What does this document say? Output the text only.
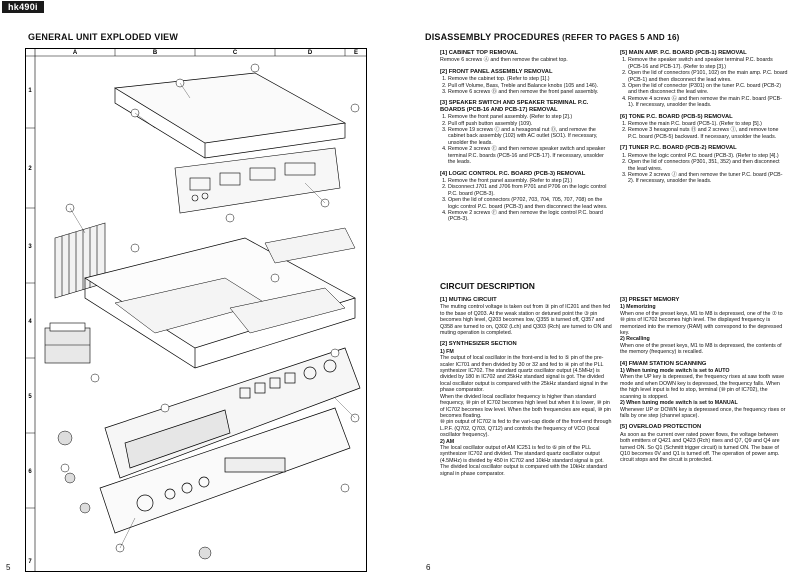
hk490i
GENERAL UNIT EXPLODED VIEW
A	B	C	D	E
1
2
3
4
5
6
7
5
DISASSEMBLY PROCEDURES (REFER TO PAGES 5 AND 16)
[1] CABINET TOP REMOVAL

Remove 6 screws Ⓐ and then remove the cabinet top.

[2] FRONT PANEL ASSEMBLY REMOVAL
1. Remove the cabinet top. (Refer to step [1].)
2. Pull off Volume, Bass, Treble and Balance knobs (105 and 146).
3. Remove 6 screws Ⓑ and then remove the front panel assembly.
[3] SPEAKER SWITCH AND SPEAKER TERMINAL P.C. BOARDS (PCB-16 AND PCB-17) REMOVAL
1. Remove the front panel assembly. (Refer to step [2].)
2. Pull off push button assembly (109).
3. Remove 19 screws Ⓒ and a hexagonal nut Ⓓ, and remove the cabinet back assembly (102) with AC outlet (SO1). If necessary, unsolder the leads.
4. Remove 2 screws Ⓔ and then remove speaker switch and speaker terminal P.C. boards (PCB-16 and PCB-17). If necessary, unsolder the leads.
[4] LOGIC CONTROL P.C. BOARD (PCB-3) REMOVAL
1. Remove the front panel assembly. (Refer to step [2].)
2. Disconnect J701 and J706 from P701 and P706 on the logic control P.C. board (PCB-3).
3. Open the lid of connectors (P702, 703, 704, 705, 707, 708) on the logic control P.C. board (PCB-3) and then disconnect the lead wires.
4. Remove 2 screws Ⓕ and then remove the logic control P.C. board (PCB-3).
[5] MAIN AMP. P.C. BOARD (PCB-1) REMOVAL
1. Remove the speaker switch and speaker terminal P.C. boards (PCB-16 and PCB-17). (Refer to step [3].)
2. Open the lid of connectors (P101, 102) on the main amp. P.C. board (PCB-1) and then disconnect the lead wires.
3. Open the lid of connector (P301) on the tuner P.C. board (PCB-2) and then disconnect the lead wire.
4. Remove 4 screws Ⓖ and then remove the main P.C. board (PCB-1). If necessary, unsolder the leads.
[6] TONE P.C. BOARD (PCB-5) REMOVAL
1. Remove the main P.C. board (PCB-1). (Refer to step [5].)
2. Remove 3 hexagonal nuts Ⓗ and 2 screws Ⓘ, and remove tone P.C. board (PCB-5) backward. If necessary, unsolder the leads.
[7] TUNER P.C. BOARD (PCB-2) REMOVAL
1. Remove the logic control P.C. board (PCB-3). (Refer to step [4].)
2. Open the lid of connectors (P301, 351, 352) and then disconnect the lead wires.
3. Remove 2 screws Ⓙ and then remove the tuner P.C. board (PCB-2). If necessary, unsolder the leads.
CIRCUIT DESCRIPTION
[1] MUTING CIRCUIT

The muting control voltage is taken out from ③ pin of IC201 and then fed to the base of Q203. At the weak station or detuned point the ③ pin becomes high level, Q203 becomes low, Q355 is turned off, Q357 and Q358 are turned to on, Q302 (Lch) and Q303 (Rch) are turned to ON and muting operation is completed.

[2] SYNTHESIZER SECTION

1) FM

The output of local oscillator in the front-end is fed to ⑤ pin of the pre-scaler IC701 and then divided by 30 or 32 and fed to ④ pin of the PLL synthesizer IC702. The standard quartz oscillator output (4.5MHz) is divided by 180 in IC702 and 25kHz standard signal is got. The divided local oscillator output is compared with the 25kHz standard signal in the phase comparator.

When the divided local oscillator frequency is higher than standard frequency, ⑩ pin of IC702 becomes high level but when it is lower, ⑩ pin of IC702 becomes low level. When the both frequencies are equal, ⑩ pin becomes floating.

⑩ pin output of IC702 is fed to the vari-cap diode of the front-end through L.P.F. (Q702, Q703, Q712) and controls the frequency of VCO (local oscillator frequency).

2) AM

The local oscillator output of AM IC251 is fed to ⑥ pin of the PLL synthesizer IC702 and divided. The standard quartz oscillator output (4.5MHz) is divided by 450 in IC702 and 10kHz standard signal is got. The divided local oscillator output is compared with the 10kHz standard signal in phase comparator.

[3] PRESET MEMORY

1) Memorizing

When one of the preset keys, M1 to M8 is depressed, one of the ⑦ to ⑩ pins of IC702 becomes high level. The displayed frequency is memorized into the memory (RAM) with correspond to the depressed key.

2) Recalling

When one of the preset keys, M1 to M8 is depressed, the contents of the memory (frequency) is recalled.

[4] FM/AM STATION SCANNING

1) When tuning mode switch is set to AUTO

When the UP key is depressed, the frequency rises at saw tooth wave mode and when DOWN key is depressed, the frequency falls. When the high level input is fed to stop, terminal (⑩ pin of IC702), the scanning is stopped.

2) When tuning mode switch is set to MANUAL

Whenever UP or DOWN key is depressed once, the frequency rises or falls by one step (channel space).

[5] OVERLOAD PROTECTION

As soon as the current over rated power flows, the voltage between both emitters of Q421 and Q423 (Rch) rises and Q7, Q9 and Q4 are turned ON. So Q1 (Schmitt trigger circuit) is turned ON. The base of Q10 becomes 0V and Q1 is turned off. The operation of power amp. circuit stops and the circuit is protected.

6
